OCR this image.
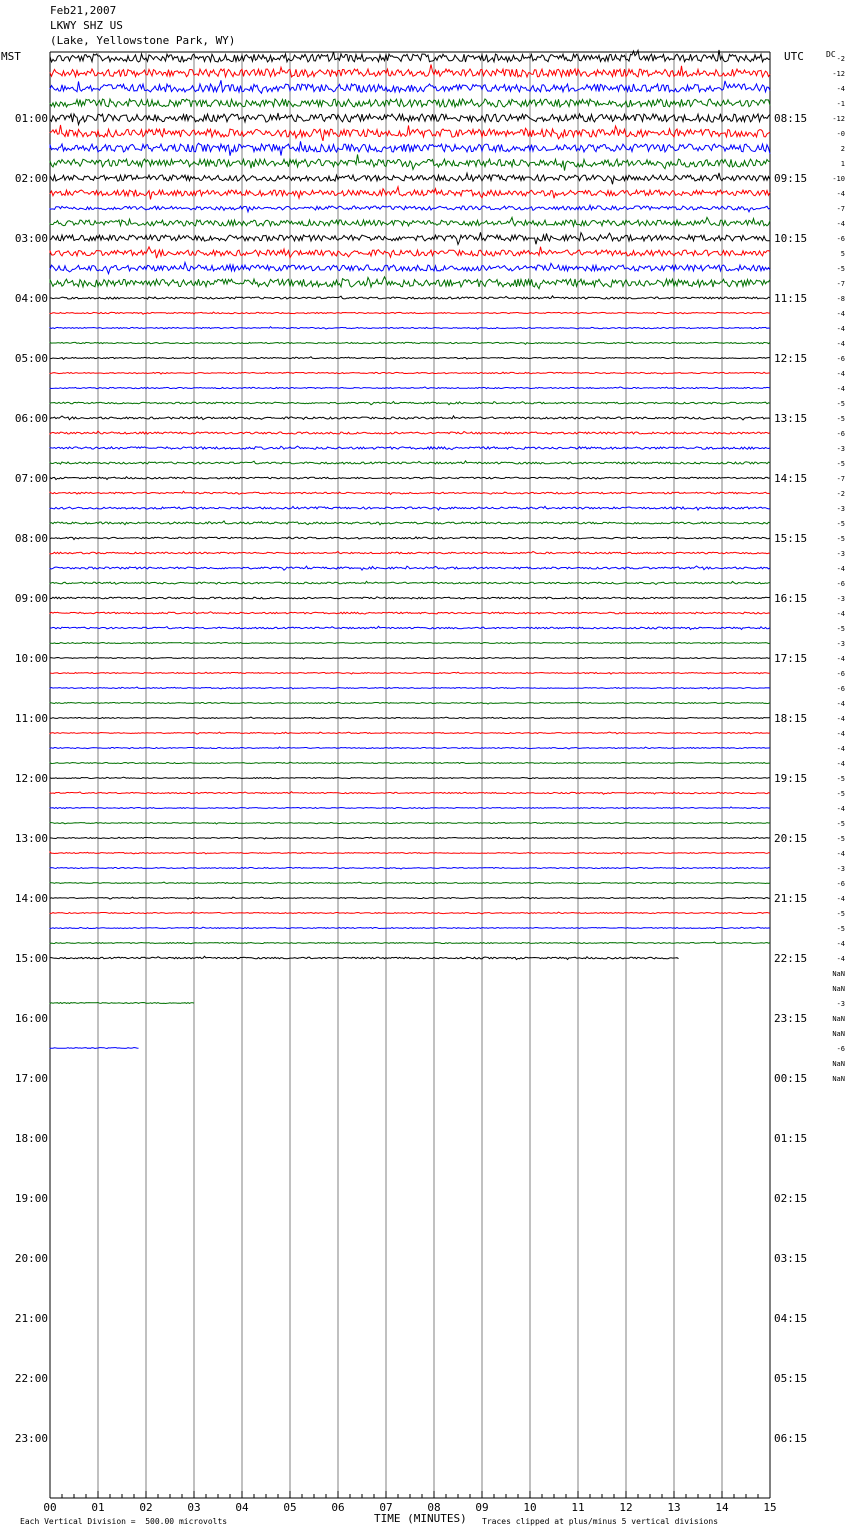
Feb21,2007
LKWY SHZ US
(Lake, Yellowstone Park, WY)
MST	UTC	DC
01:00
02:00
03:00
04:00
05:00
06:00
07:00
08:00
09:00
10:00
11:00
12:00
13:00
14:00
15:00
16:00
17:00
18:00
19:00
20:00
21:00
22:00
23:00
08:15
09:15
10:15
11:15
12:15
13:15
14:15
15:15
16:15
17:15
18:15
19:15
20:15
21:15
22:15
23:15
00:15
01:15
02:15
03:15
04:15
05:15
06:15
-2
-12
-4
-1
-12
-0
2
1
-10
-4
-7
-4
-6
5
-5
-7
-8
-4
-4
-4
-6
-4
-4
-5
-5
-6
-3
-5
-7
-2
-3
-5
-5
-3
-4
-6
-3
-4
-5
-3
-4
-6
-6
-4
-4
-4
-4
-4
-5
-5
-4
-5
-5
-4
-3
-6
-4
-5
-5
-4
-4
NaN
NaN
-3
NaN
NaN
-6
NaN
NaN
00	01	02	03	04	05	06	07	08	09	10	11	12	13	14	15
Each Vertical Division =  500.00 microvolts	TIME (MINUTES) Traces clipped at plus/minus 5 vertical divisions
